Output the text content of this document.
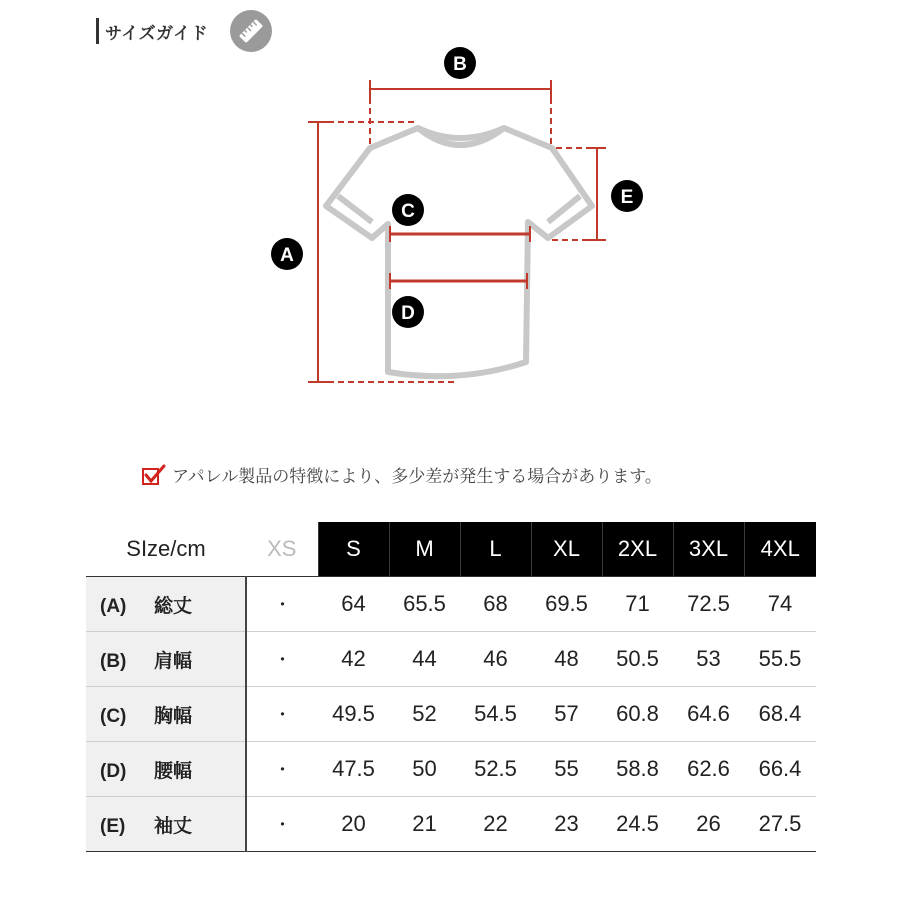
サイズガイド
B
A
C
D
E
アパレル製品の特徴により、多少差が発生する場合があります。
SIze/cm	XS	S	M	L	XL	2XL	3XL	4XL
(A) 総丈	・	64	65.5	68	69.5	71	72.5	74
(B) 肩幅	・	42	44	46	48	50.5	53	55.5
(C) 胸幅	・	49.5	52	54.5	57	60.8	64.6	68.4
(D) 腰幅	・	47.5	50	52.5	55	58.8	62.6	66.4
(E) 袖丈	・	20	21	22	23	24.5	26	27.5
